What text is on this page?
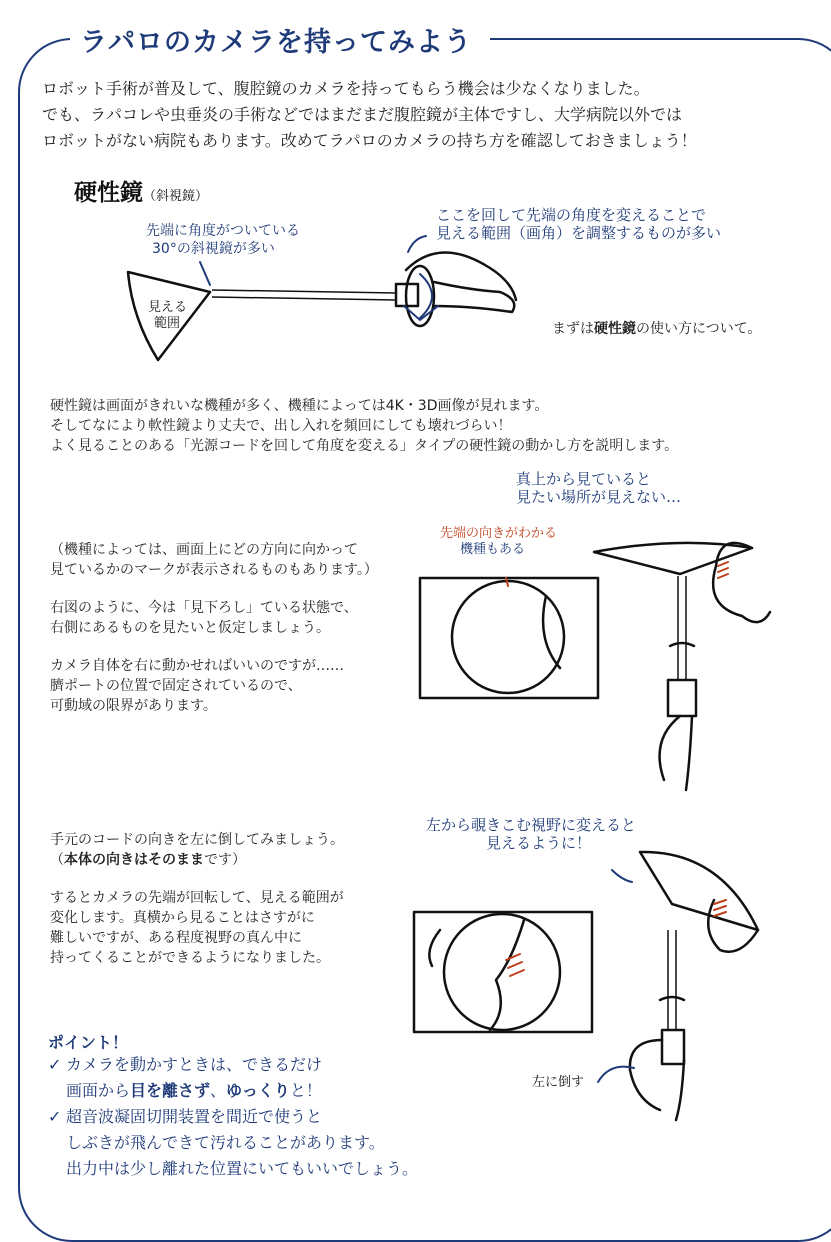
ラパロのカメラを持ってみよう
ロボット手術が普及して、腹腔鏡のカメラを持ってもらう機会は少なくなりました。
でも、ラパコレや虫垂炎の手術などではまだまだ腹腔鏡が主体ですし、大学病院以外では
ロボットがない病院もあります。改めてラパロのカメラの持ち方を確認しておきましょう！
硬性鏡（斜視鏡）
先端に角度がついている
30°の斜視鏡が多い
ここを回して先端の角度を変えることで
見える範囲（画角）を調整するものが多い
見える
範囲	まずは硬性鏡の使い方について。
硬性鏡は画面がきれいな機種が多く、機種によっては4K・3D画像が見れます。
そしてなにより軟性鏡より丈夫で、出し入れを頻回にしても壊れづらい！
よく見ることのある「光源コードを回して角度を変える」タイプの硬性鏡の動かし方を説明します。
真上から見ていると
見たい場所が見えない…
先端の向きがわかる
機種もある
（機種によっては、画面上にどの方向に向かって
見ているかのマークが表示されるものもあります。）
右図のように、今は「見下ろし」ている状態で、
右側にあるものを見たいと仮定しましょう。
カメラ自体を右に動かせればいいのですが……
臍ポートの位置で固定されているので、
可動域の限界があります。
左から覗きこむ視野に変えると
見えるように！
手元のコードの向きを左に倒してみましょう。
（本体の向きはそのままです）
するとカメラの先端が回転して、見える範囲が
変化します。真横から見ることはさすがに
難しいですが、ある程度視野の真ん中に
持ってくることができるようになりました。
左に倒す
ポイント！
✓ カメラを動かすときは、できるだけ
画面から目を離さず、ゆっくりと！
✓ 超音波凝固切開装置を間近で使うと
しぶきが飛んできて汚れることがあります。
出力中は少し離れた位置にいてもいいでしょう。
